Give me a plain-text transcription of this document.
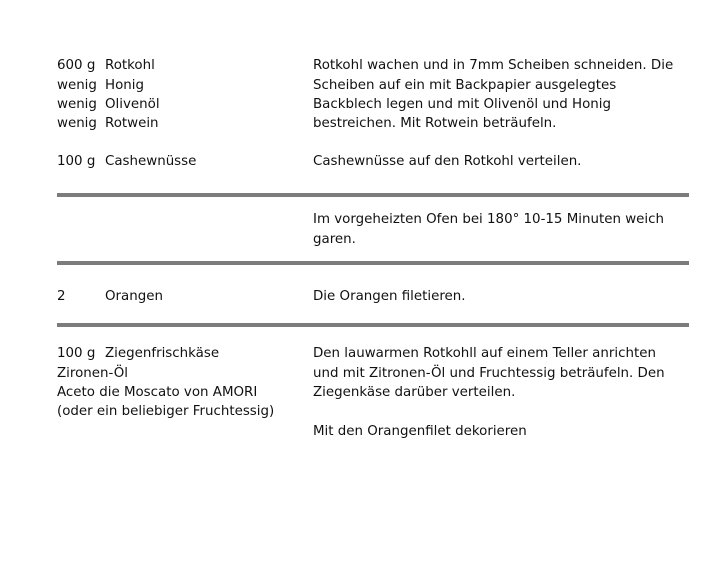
600 g Rotkohl
wenig Honig
wenig Olivenöl
wenig Rotwein
100 g Cashewnüsse
Rotkohl wachen und in 7mm Scheiben schneiden. Die
Scheiben auf ein mit Backpapier ausgelegtes
Backblech legen und mit Olivenöl und Honig
bestreichen. Mit Rotwein beträufeln.
Cashewnüsse auf den Rotkohl verteilen.
Im vorgeheizten Ofen bei 180° 10-15 Minuten weich
garen.
2	Orangen	Die Orangen filetieren.
100 g Ziegenfrischkäse
Zironen-Öl
Aceto die Moscato von AMORI
(oder ein beliebiger Fruchtessig)
Den lauwarmen Rotkohll auf einem Teller anrichten
und mit Zitronen-Öl und Fruchtessig beträufeln. Den
Ziegenkäse darüber verteilen.
Mit den Orangenfilet dekorieren
